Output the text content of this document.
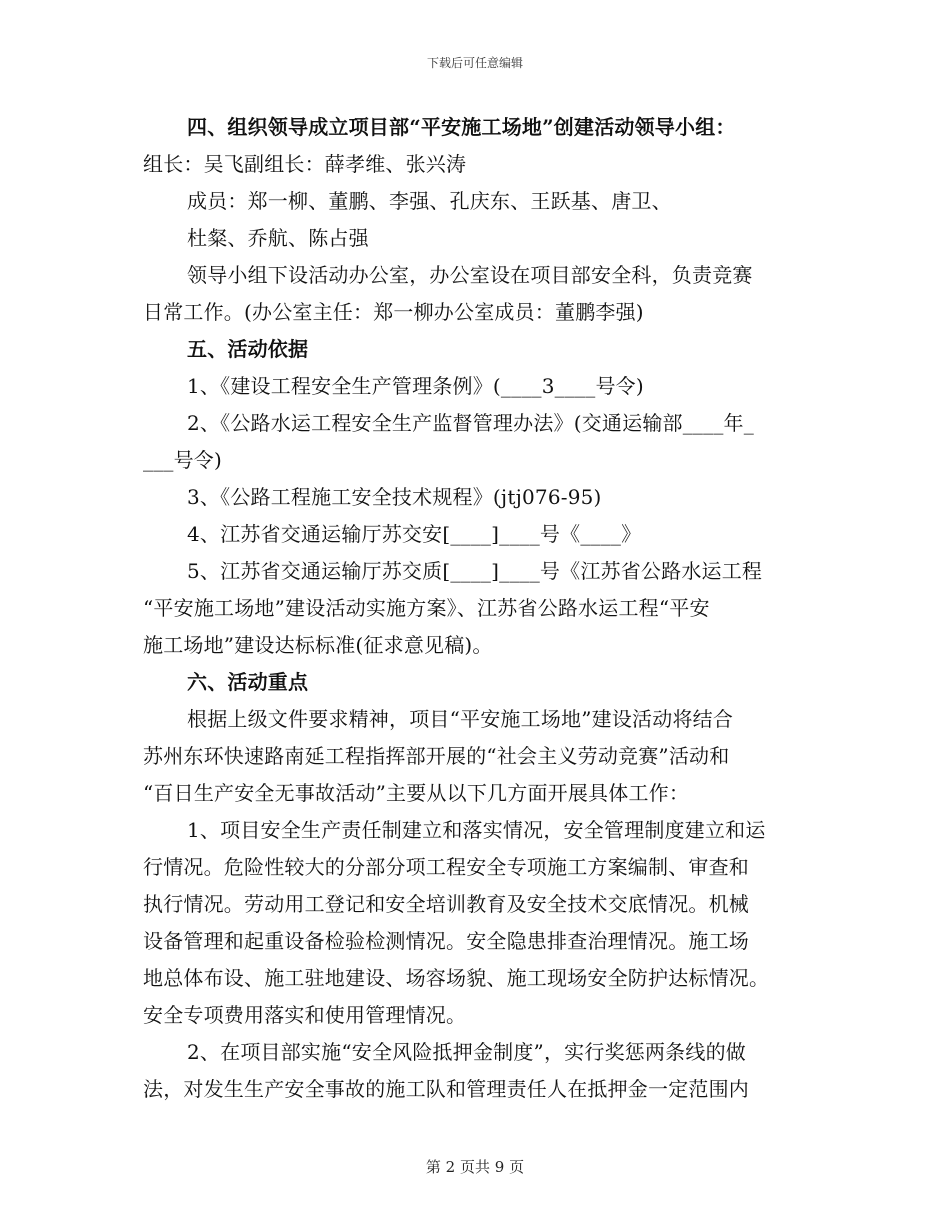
下载后可任意编辑
四、组织领导成立项目部“平安施工场地”创建活动领导小组：
组长：吴飞副组长：薛孝维、张兴涛
成员：郑一柳、董鹏、李强、孔庆东、王跃基、唐卫、
杜粲、乔航、陈占强
领导小组下设活动办公室，办公室设在项目部安全科，负责竞赛
日常工作。(办公室主任：郑一柳办公室成员：董鹏李强)
五、活动依据
1、《建设工程安全生产管理条例》(____3____号令)
2、《公路水运工程安全生产监督管理办法》(交通运输部____年_
___号令)
3、《公路工程施工安全技术规程》(jtj076-95)
4、江苏省交通运输厅苏交安[____]____号《____》
5、江苏省交通运输厅苏交质[____]____号《江苏省公路水运工程
“平安施工场地”建设活动实施方案》、江苏省公路水运工程“平安
施工场地”建设达标标准(征求意见稿)。
六、活动重点
根据上级文件要求精神，项目“平安施工场地”建设活动将结合
苏州东环快速路南延工程指挥部开展的“社会主义劳动竞赛”活动和
“百日生产安全无事故活动”主要从以下几方面开展具体工作：
1、项目安全生产责任制建立和落实情况，安全管理制度建立和运
行情况。危险性较大的分部分项工程安全专项施工方案编制、审查和
执行情况。劳动用工登记和安全培训教育及安全技术交底情况。机械
设备管理和起重设备检验检测情况。安全隐患排查治理情况。施工场
地总体布设、施工驻地建设、场容场貌、施工现场安全防护达标情况。
安全专项费用落实和使用管理情况。
2、在项目部实施“安全风险抵押金制度”，实行奖惩两条线的做
法，对发生生产安全事故的施工队和管理责任人在抵押金一定范围内
第 2 页共 9 页
